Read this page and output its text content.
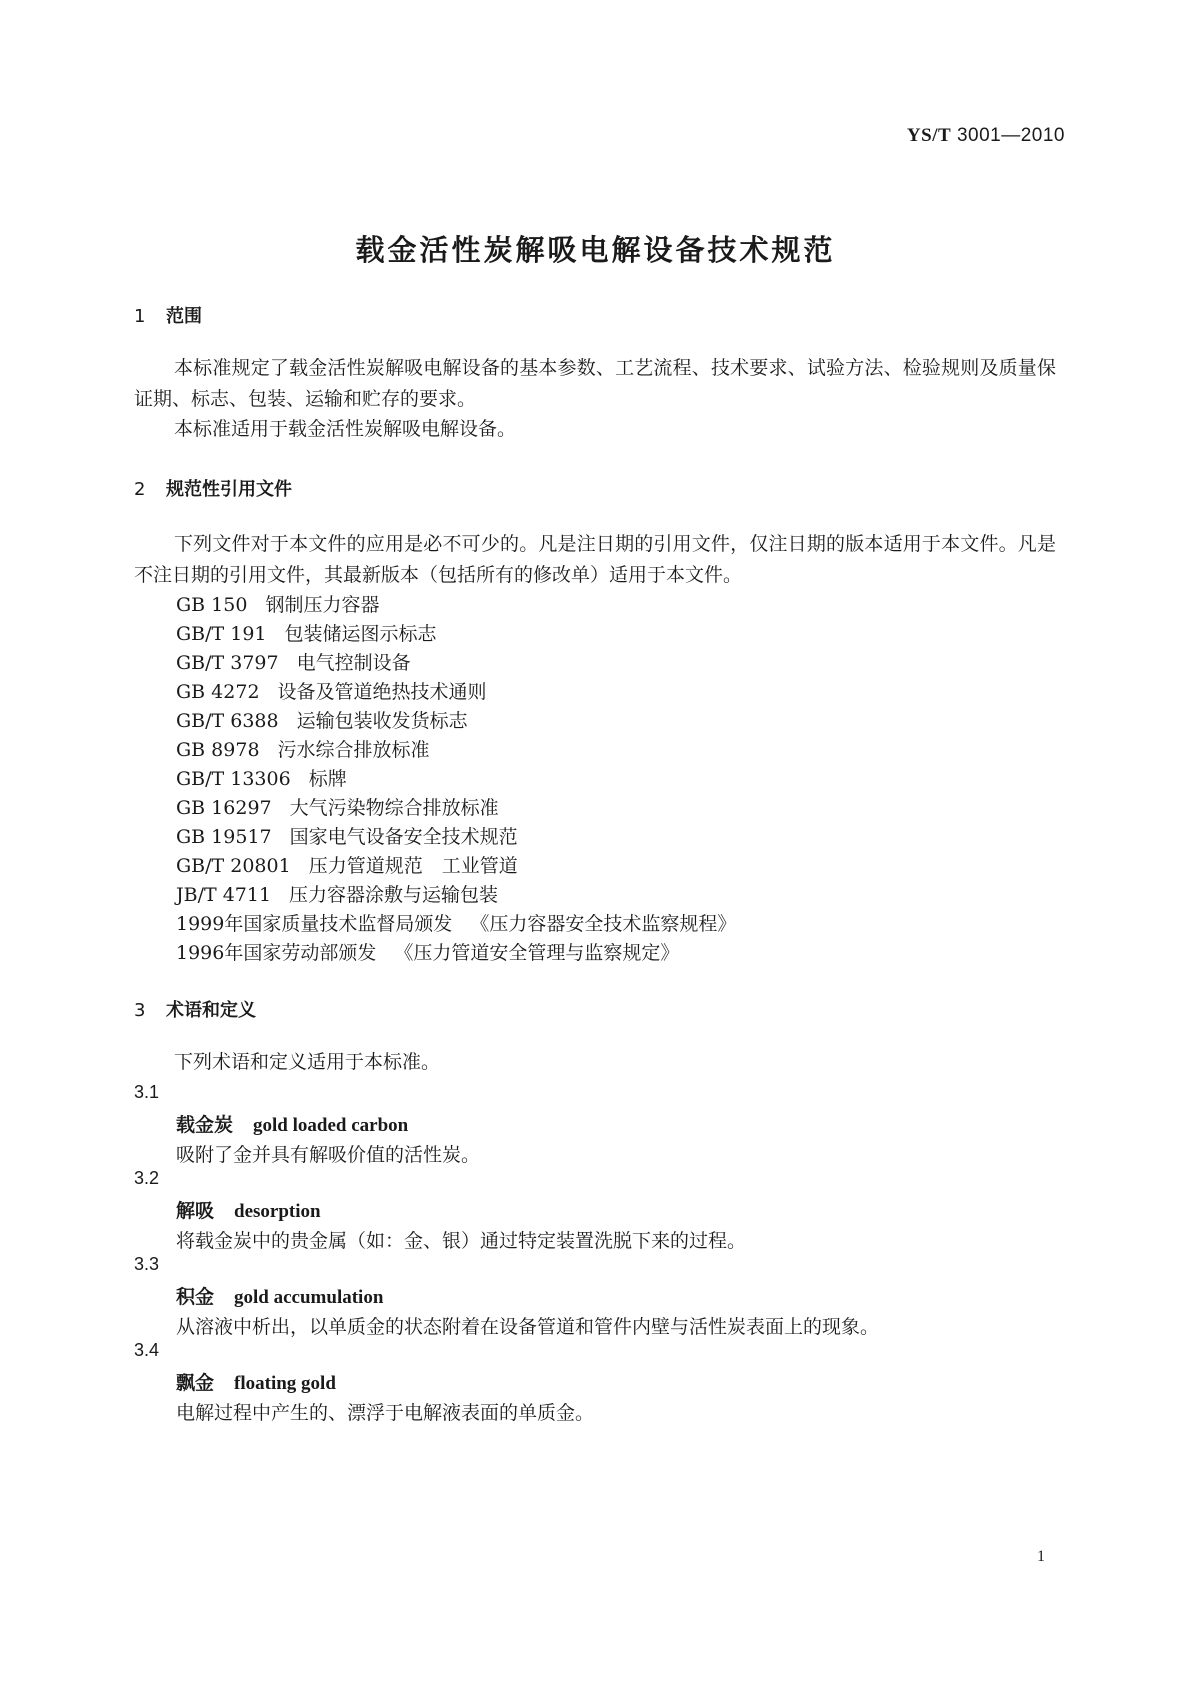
YS/T 3001—2010
载金活性炭解吸电解设备技术规范
1 范围
本标准规定了载金活性炭解吸电解设备的基本参数、工艺流程、技术要求、试验方法、检验规则及质量保证期、标志、包装、运输和贮存的要求。
本标准适用于载金活性炭解吸电解设备。
2 规范性引用文件
下列文件对于本文件的应用是必不可少的。凡是注日期的引用文件，仅注日期的版本适用于本文件。凡是不注日期的引用文件，其最新版本（包括所有的修改单）适用于本文件。
GB 150 钢制压力容器
GB/T 191 包装储运图示标志
GB/T 3797 电气控制设备
GB 4272 设备及管道绝热技术通则
GB/T 6388 运输包装收发货标志
GB 8978 污水综合排放标准
GB/T 13306 标牌
GB 16297 大气污染物综合排放标准
GB 19517 国家电气设备安全技术规范
GB/T 20801 压力管道规范　工业管道
JB/T 4711 压力容器涂敷与运输包装
1999年国家质量技术监督局颁发 《压力容器安全技术监察规程》
1996年国家劳动部颁发 《压力管道安全管理与监察规定》
3 术语和定义
下列术语和定义适用于本标准。
3.1
载金炭 gold loaded carbon
吸附了金并具有解吸价值的活性炭。
3.2
解吸 desorption
将载金炭中的贵金属（如：金、银）通过特定装置洗脱下来的过程。
3.3
积金 gold accumulation
从溶液中析出，以单质金的状态附着在设备管道和管件内壁与活性炭表面上的现象。
3.4
飘金 floating gold
电解过程中产生的、漂浮于电解液表面的单质金。
1
